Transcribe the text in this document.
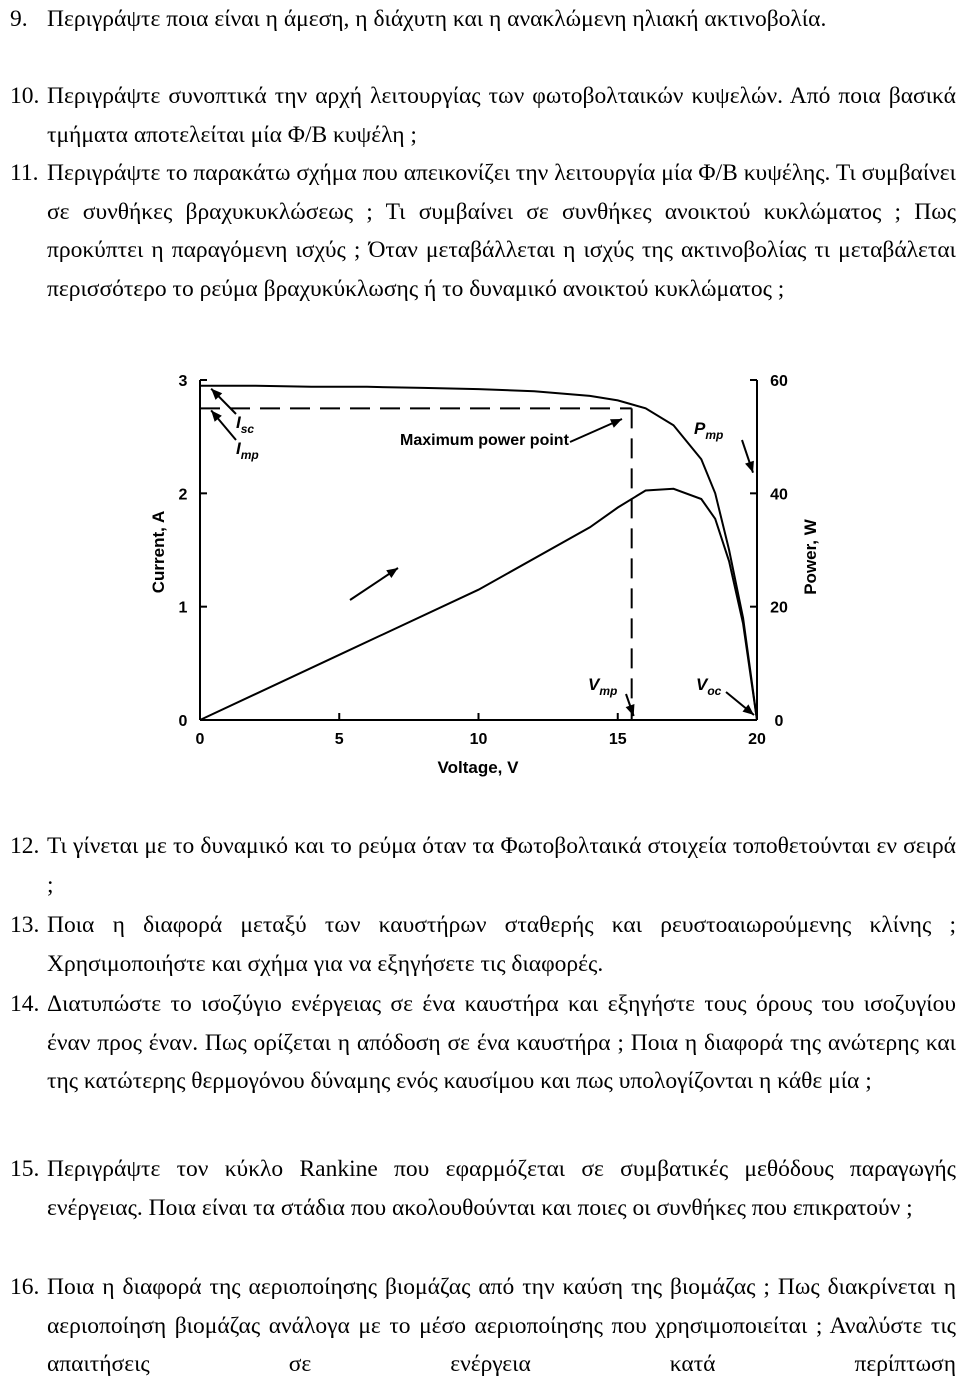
9. Περιγράψτε ποια είναι η άμεση, η διάχυτη και η ανακλώμενη ηλιακή ακτινοβολία.
10. Περιγράψτε συνοπτικά την αρχή λειτουργίας των φωτοβολταικών κυψελών. Από ποια βασικά τμήματα αποτελείται μία Φ/Β κυψέλη ;
11. Περιγράψτε το παρακάτω σχήμα που απεικονίζει την λειτουργία μία Φ/Β κυψέλης. Τι συμβαίνει σε συνθήκες βραχυκυκλώσεως ; Τι συμβαίνει σε συνθήκες ανοικτού κυκλώματος ; Πως προκύπτει η παραγόμενη ισχύς ; Όταν μεταβάλλεται η ισχύς της ακτινοβολίας τι μεταβάλεται περισσότερο το ρεύμα βραχυκύκλωσης ή το δυναμικό ανοικτού κυκλώματος ;
0	5	10	15	20
0
1
2
3
0
20
40
60
Voltage, V
Current, A	Power, W
$I_{sc}$
$I_{mp}$
Maximum power point
$P_{mp}$
$V_{mp}$	$V_{oc}$
12. Τι γίνεται με το δυναμικό και το ρεύμα όταν τα Φωτοβολταικά στοιχεία τοποθετούνται εν σειρά ;
13. Ποια η διαφορά μεταξύ των καυστήρων σταθερής και ρευστοαιωρούμενης κλίνης ; Χρησιμοποιήστε και σχήμα για να εξηγήσετε τις διαφορές.
14. Διατυπώστε το ισοζύγιο ενέργειας σε ένα καυστήρα και εξηγήστε τους όρους του ισοζυγίου έναν προς έναν. Πως ορίζεται η απόδοση σε ένα καυστήρα ; Ποια η διαφορά της ανώτερης και της κατώτερης θερμογόνου δύναμης ενός καυσίμου και πως υπολογίζονται η κάθε μία ;
15. Περιγράψτε τον κύκλο Rankine που εφαρμόζεται σε συμβατικές μεθόδους παραγωγής ενέργειας. Ποια είναι τα στάδια που ακολουθούνται και ποιες οι συνθήκες που επικρατούν ;
16. Ποια η διαφορά της αεριοποίησης βιομάζας από την καύση της βιομάζας ; Πως διακρίνεται η αεριοποίηση βιομάζας ανάλογα με το μέσο αεριοποίησης που χρησιμοποιείται ; Αναλύστε τις απαιτήσεις σε ενέργεια κατά περίπτωση
